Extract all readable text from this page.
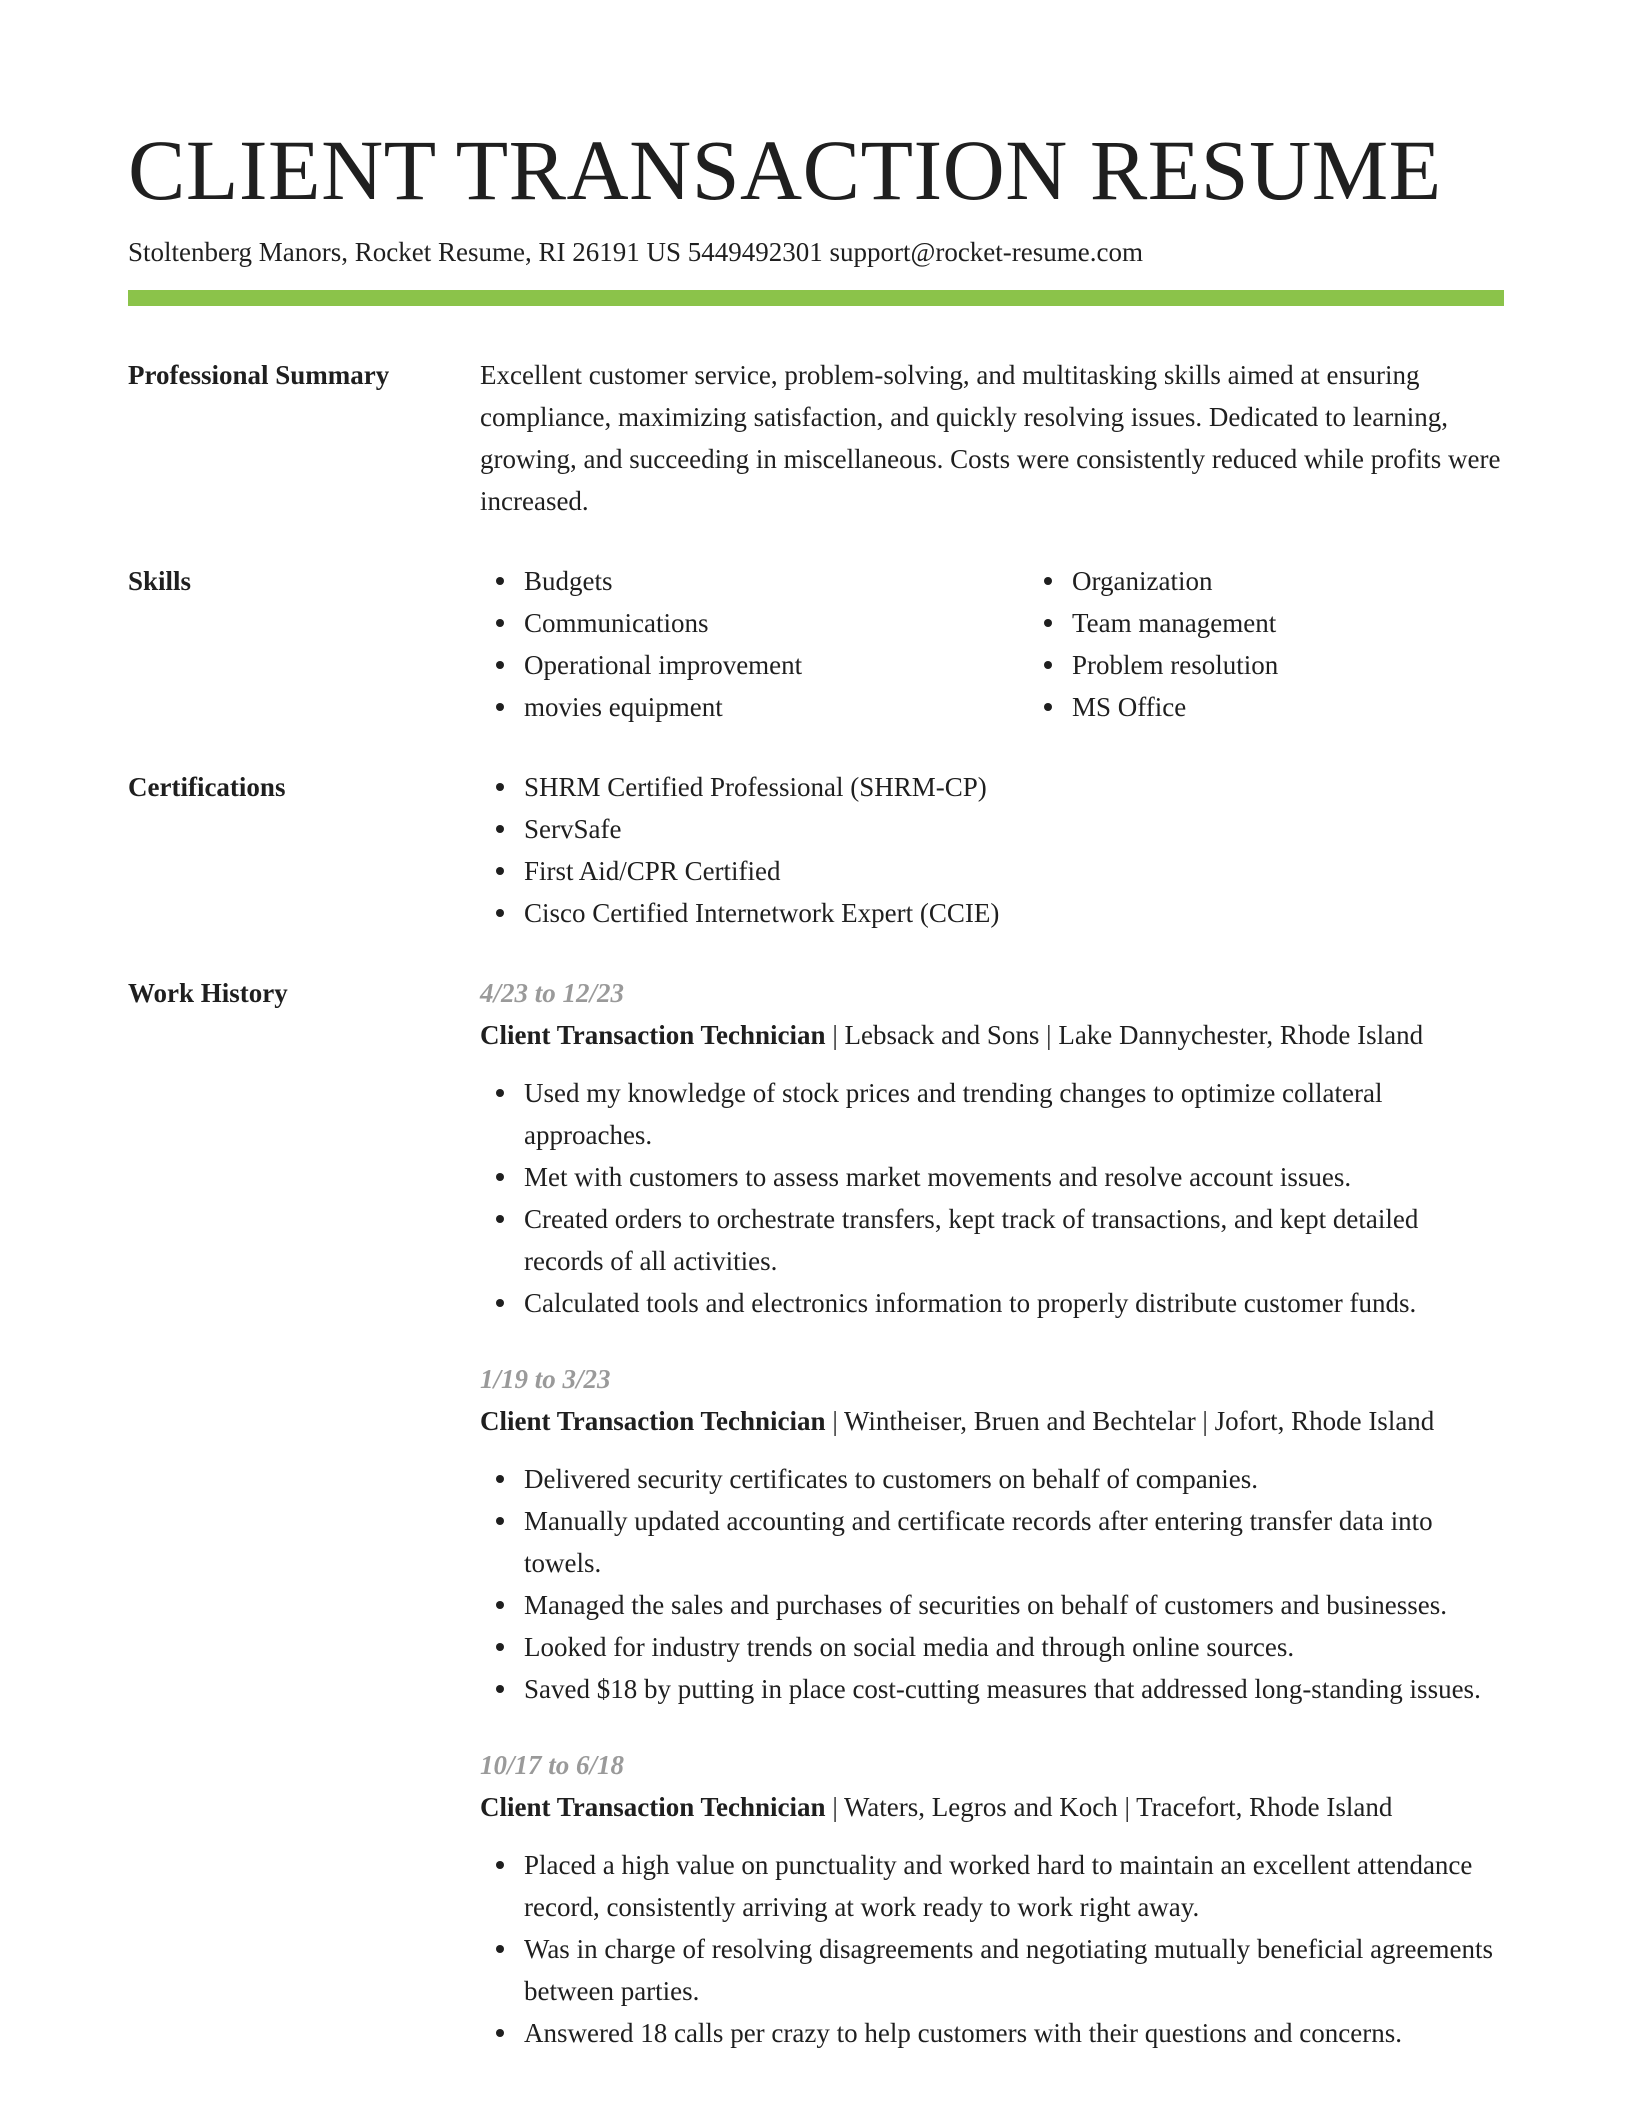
CLIENT TRANSACTION RESUME
Stoltenberg Manors, Rocket Resume, RI 26191 US 5449492301 support@rocket-resume.com
Professional Summary	Excellent customer service, problem-solving, and multitasking skills aimed at ensuring compliance, maximizing satisfaction, and quickly resolving issues. Dedicated to learning, growing, and succeeding in miscellaneous. Costs were consistently reduced while profits were increased.

Skills	Budgets
Communications
Operational improvement
movies equipment
Organization
Team management
Problem resolution
MS Office
Certifications	SHRM Certified Professional (SHRM-CP)
ServSafe
First Aid/CPR Certified
Cisco Certified Internetwork Expert (CCIE)
Work History	4/23 to 12/23
Client Transaction Technician | Lebsack and Sons | Lake Dannychester, Rhode Island
Used my knowledge of stock prices and trending changes to optimize collateral approaches.
Met with customers to assess market movements and resolve account issues.
Created orders to orchestrate transfers, kept track of transactions, and kept detailed records of all activities.
Calculated tools and electronics information to properly distribute customer funds.
1/19 to 3/23
Client Transaction Technician | Wintheiser, Bruen and Bechtelar | Jofort, Rhode Island
Delivered security certificates to customers on behalf of companies.
Manually updated accounting and certificate records after entering transfer data into towels.
Managed the sales and purchases of securities on behalf of customers and businesses.
Looked for industry trends on social media and through online sources.
Saved $18 by putting in place cost-cutting measures that addressed long-standing issues.
10/17 to 6/18
Client Transaction Technician | Waters, Legros and Koch | Tracefort, Rhode Island
Placed a high value on punctuality and worked hard to maintain an excellent attendance record, consistently arriving at work ready to work right away.
Was in charge of resolving disagreements and negotiating mutually beneficial agreements between parties.
Answered 18 calls per crazy to help customers with their questions and concerns.
